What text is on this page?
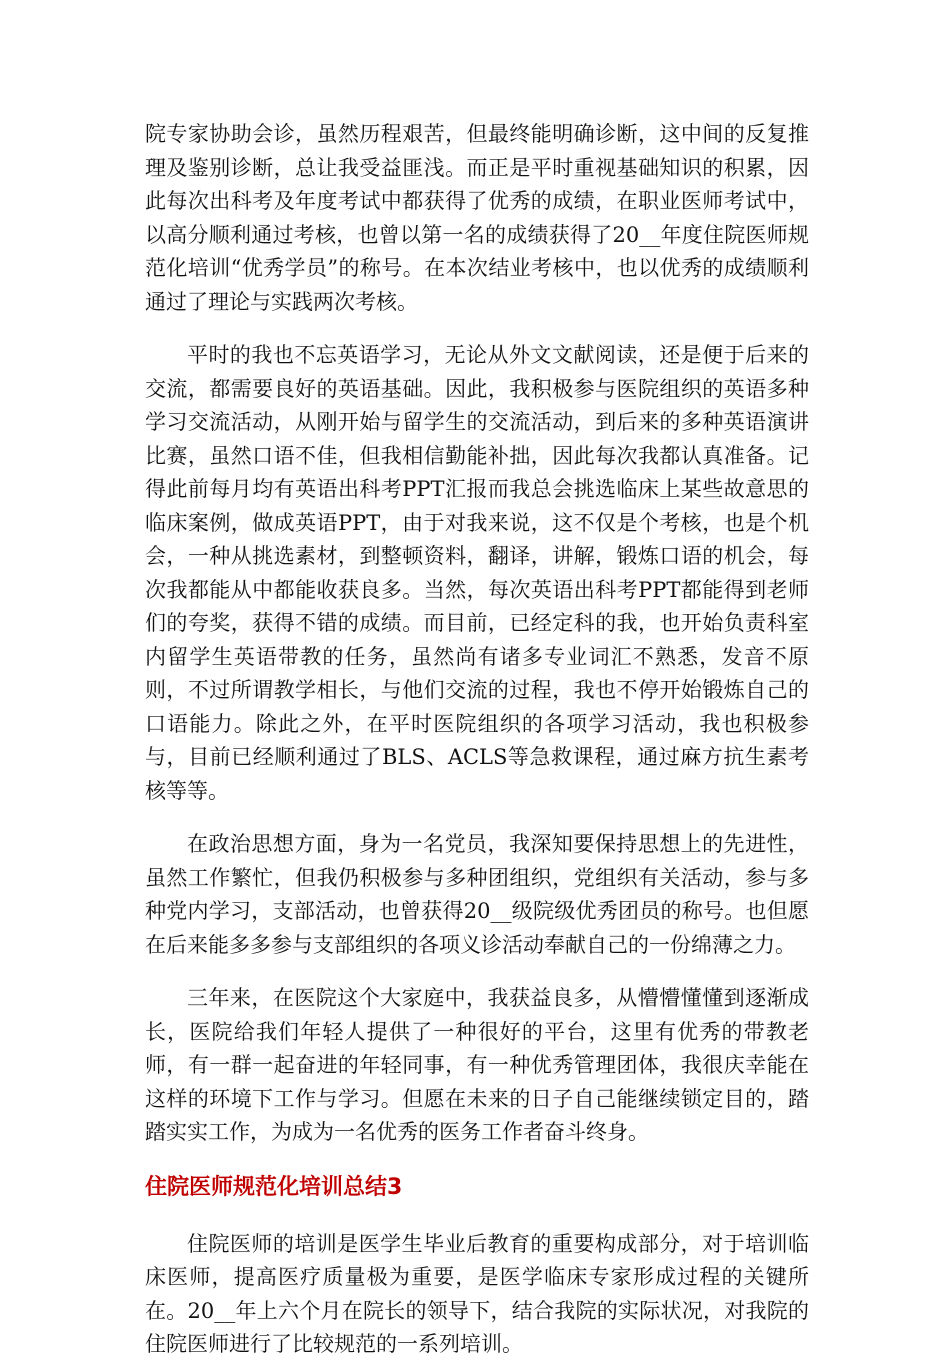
院专家协助会诊，虽然历程艰苦，但最终能明确诊断，这中间的反复推理及鉴别诊断，总让我受益匪浅。而正是平时重视基础知识的积累，因此每次出科考及年度考试中都获得了优秀的成绩，在职业医师考试中，以高分顺利通过考核，也曾以第一名的成绩获得了20__年度住院医师规范化培训“优秀学员”的称号。在本次结业考核中，也以优秀的成绩顺利通过了理论与实践两次考核。

平时的我也不忘英语学习，无论从外文文献阅读，还是便于后来的交流，都需要良好的英语基础。因此，我积极参与医院组织的英语多种学习交流活动，从刚开始与留学生的交流活动，到后来的多种英语演讲比赛，虽然口语不佳，但我相信勤能补拙，因此每次我都认真准备。记得此前每月均有英语出科考PPT汇报而我总会挑选临床上某些故意思的临床案例，做成英语PPT，由于对我来说，这不仅是个考核，也是个机会，一种从挑选素材，到整顿资料，翻译，讲解，锻炼口语的机会，每次我都能从中都能收获良多。当然，每次英语出科考PPT都能得到老师们的夸奖，获得不错的成绩。而目前，已经定科的我，也开始负责科室内留学生英语带教的任务，虽然尚有诸多专业词汇不熟悉，发音不原则，不过所谓教学相长，与他们交流的过程，我也不停开始锻炼自己的口语能力。除此之外，在平时医院组织的各项学习活动，我也积极参与，目前已经顺利通过了BLS、ACLS等急救课程，通过麻方抗生素考核等等。

在政治思想方面，身为一名党员，我深知要保持思想上的先进性，虽然工作繁忙，但我仍积极参与多种团组织，党组织有关活动，参与多种党内学习，支部活动，也曾获得20__级院级优秀团员的称号。也但愿在后来能多多参与支部组织的各项义诊活动奉献自己的一份绵薄之力。

三年来，在医院这个大家庭中，我获益良多，从懵懵懂懂到逐渐成长，医院给我们年轻人提供了一种很好的平台，这里有优秀的带教老师，有一群一起奋进的年轻同事，有一种优秀管理团体，我很庆幸能在这样的环境下工作与学习。但愿在未来的日子自己能继续锁定目的，踏踏实实工作，为成为一名优秀的医务工作者奋斗终身。

住院医师规范化培训总结3

住院医师的培训是医学生毕业后教育的重要构成部分，对于培训临床医师，提高医疗质量极为重要，是医学临床专家形成过程的关键所在。20__年上六个月在院长的领导下，结合我院的实际状况，对我院的住院医师进行了比较规范的一系列培训。
